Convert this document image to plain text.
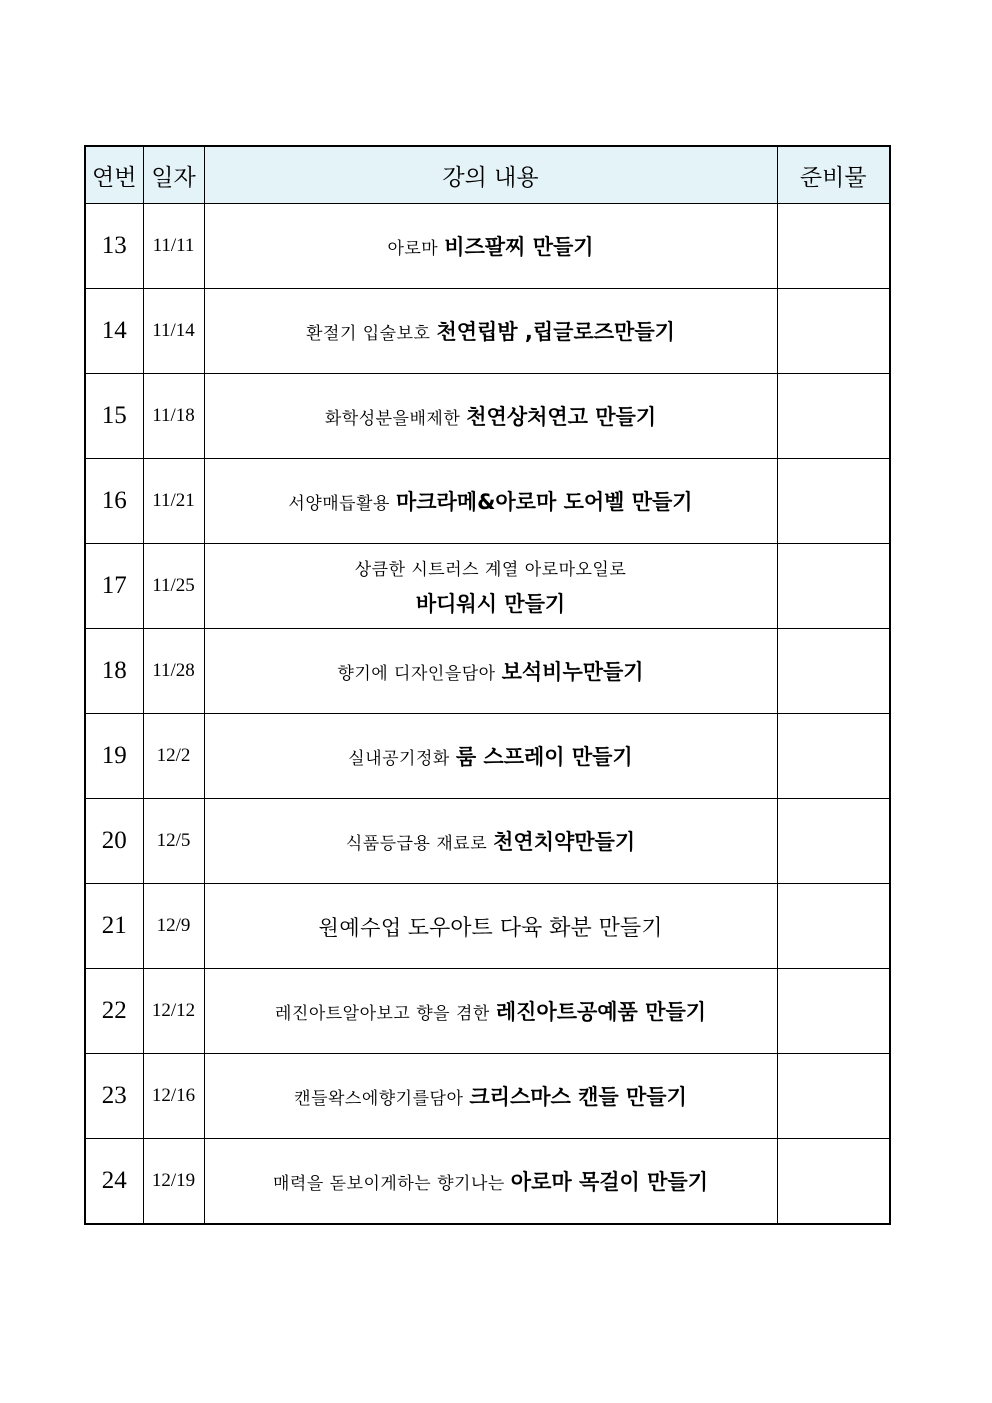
연번	일자	강의 내용	준비물
13	11/11	아로마 비즈팔찌 만들기	
14	11/14	환절기 입술보호 천연립밤 ,립글로즈만들기	
15	11/18	화학성분을배제한 천연상처연고 만들기	
16	11/21	서양매듭활용 마크라메&아로마 도어벨 만들기	
17	11/25	상큼한 시트러스 계열 아로마오일로
바디워시 만들기	

18	11/28	향기에 디자인을담아 보석비누만들기	
19	12/2	실내공기정화 룸 스프레이 만들기	
20	12/5	식품등급용 재료로 천연치약만들기	
21	12/9	원예수업 도우아트 다육 화분 만들기	
22	12/12	레진아트알아보고 향을 겸한 레진아트공예품 만들기	
23	12/16	캔들왁스에향기를담아 크리스마스 캔들 만들기	
24	12/19	매력을 돋보이게하는 향기나는 아로마 목걸이 만들기	
